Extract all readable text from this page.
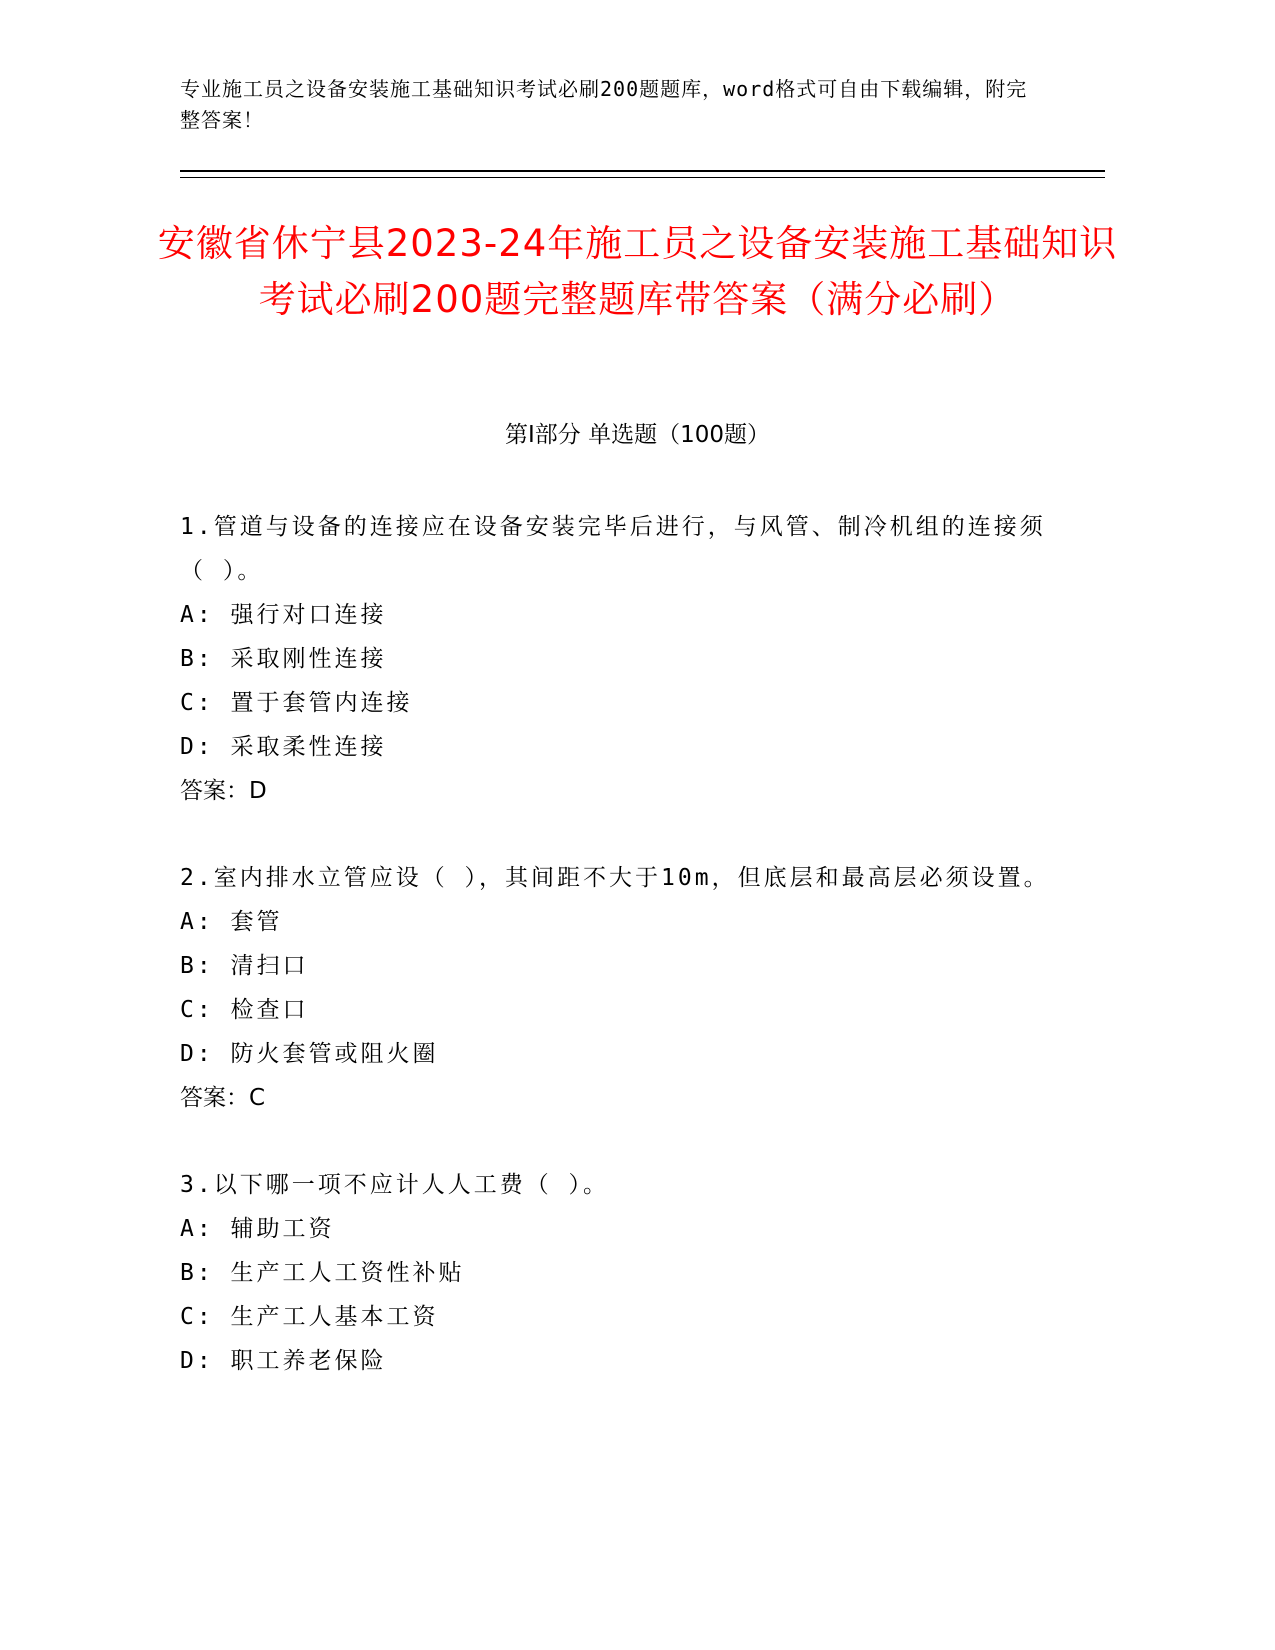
专业施工员之设备安装施工基础知识考试必刷200题题库，word格式可自由下载编辑，附完整答案！
安徽省休宁县2023-24年施工员之设备安装施工基础知识考试必刷200题完整题库带答案（满分必刷）
第Ⅰ部分 单选题（100题）
1.管道与设备的连接应在设备安装完毕后进行，与风管、制冷机组的连接须（ ）。
A: 强行对口连接
B: 采取刚性连接
C: 置于套管内连接
D: 采取柔性连接
答案：D
2.室内排水立管应设（ ），其间距不大于10m，但底层和最高层必须设置。
A: 套管
B: 清扫口
C: 检查口
D: 防火套管或阻火圈
答案：C
3.以下哪一项不应计人人工费（ ）。
A: 辅助工资
B: 生产工人工资性补贴
C: 生产工人基本工资
D: 职工养老保险
